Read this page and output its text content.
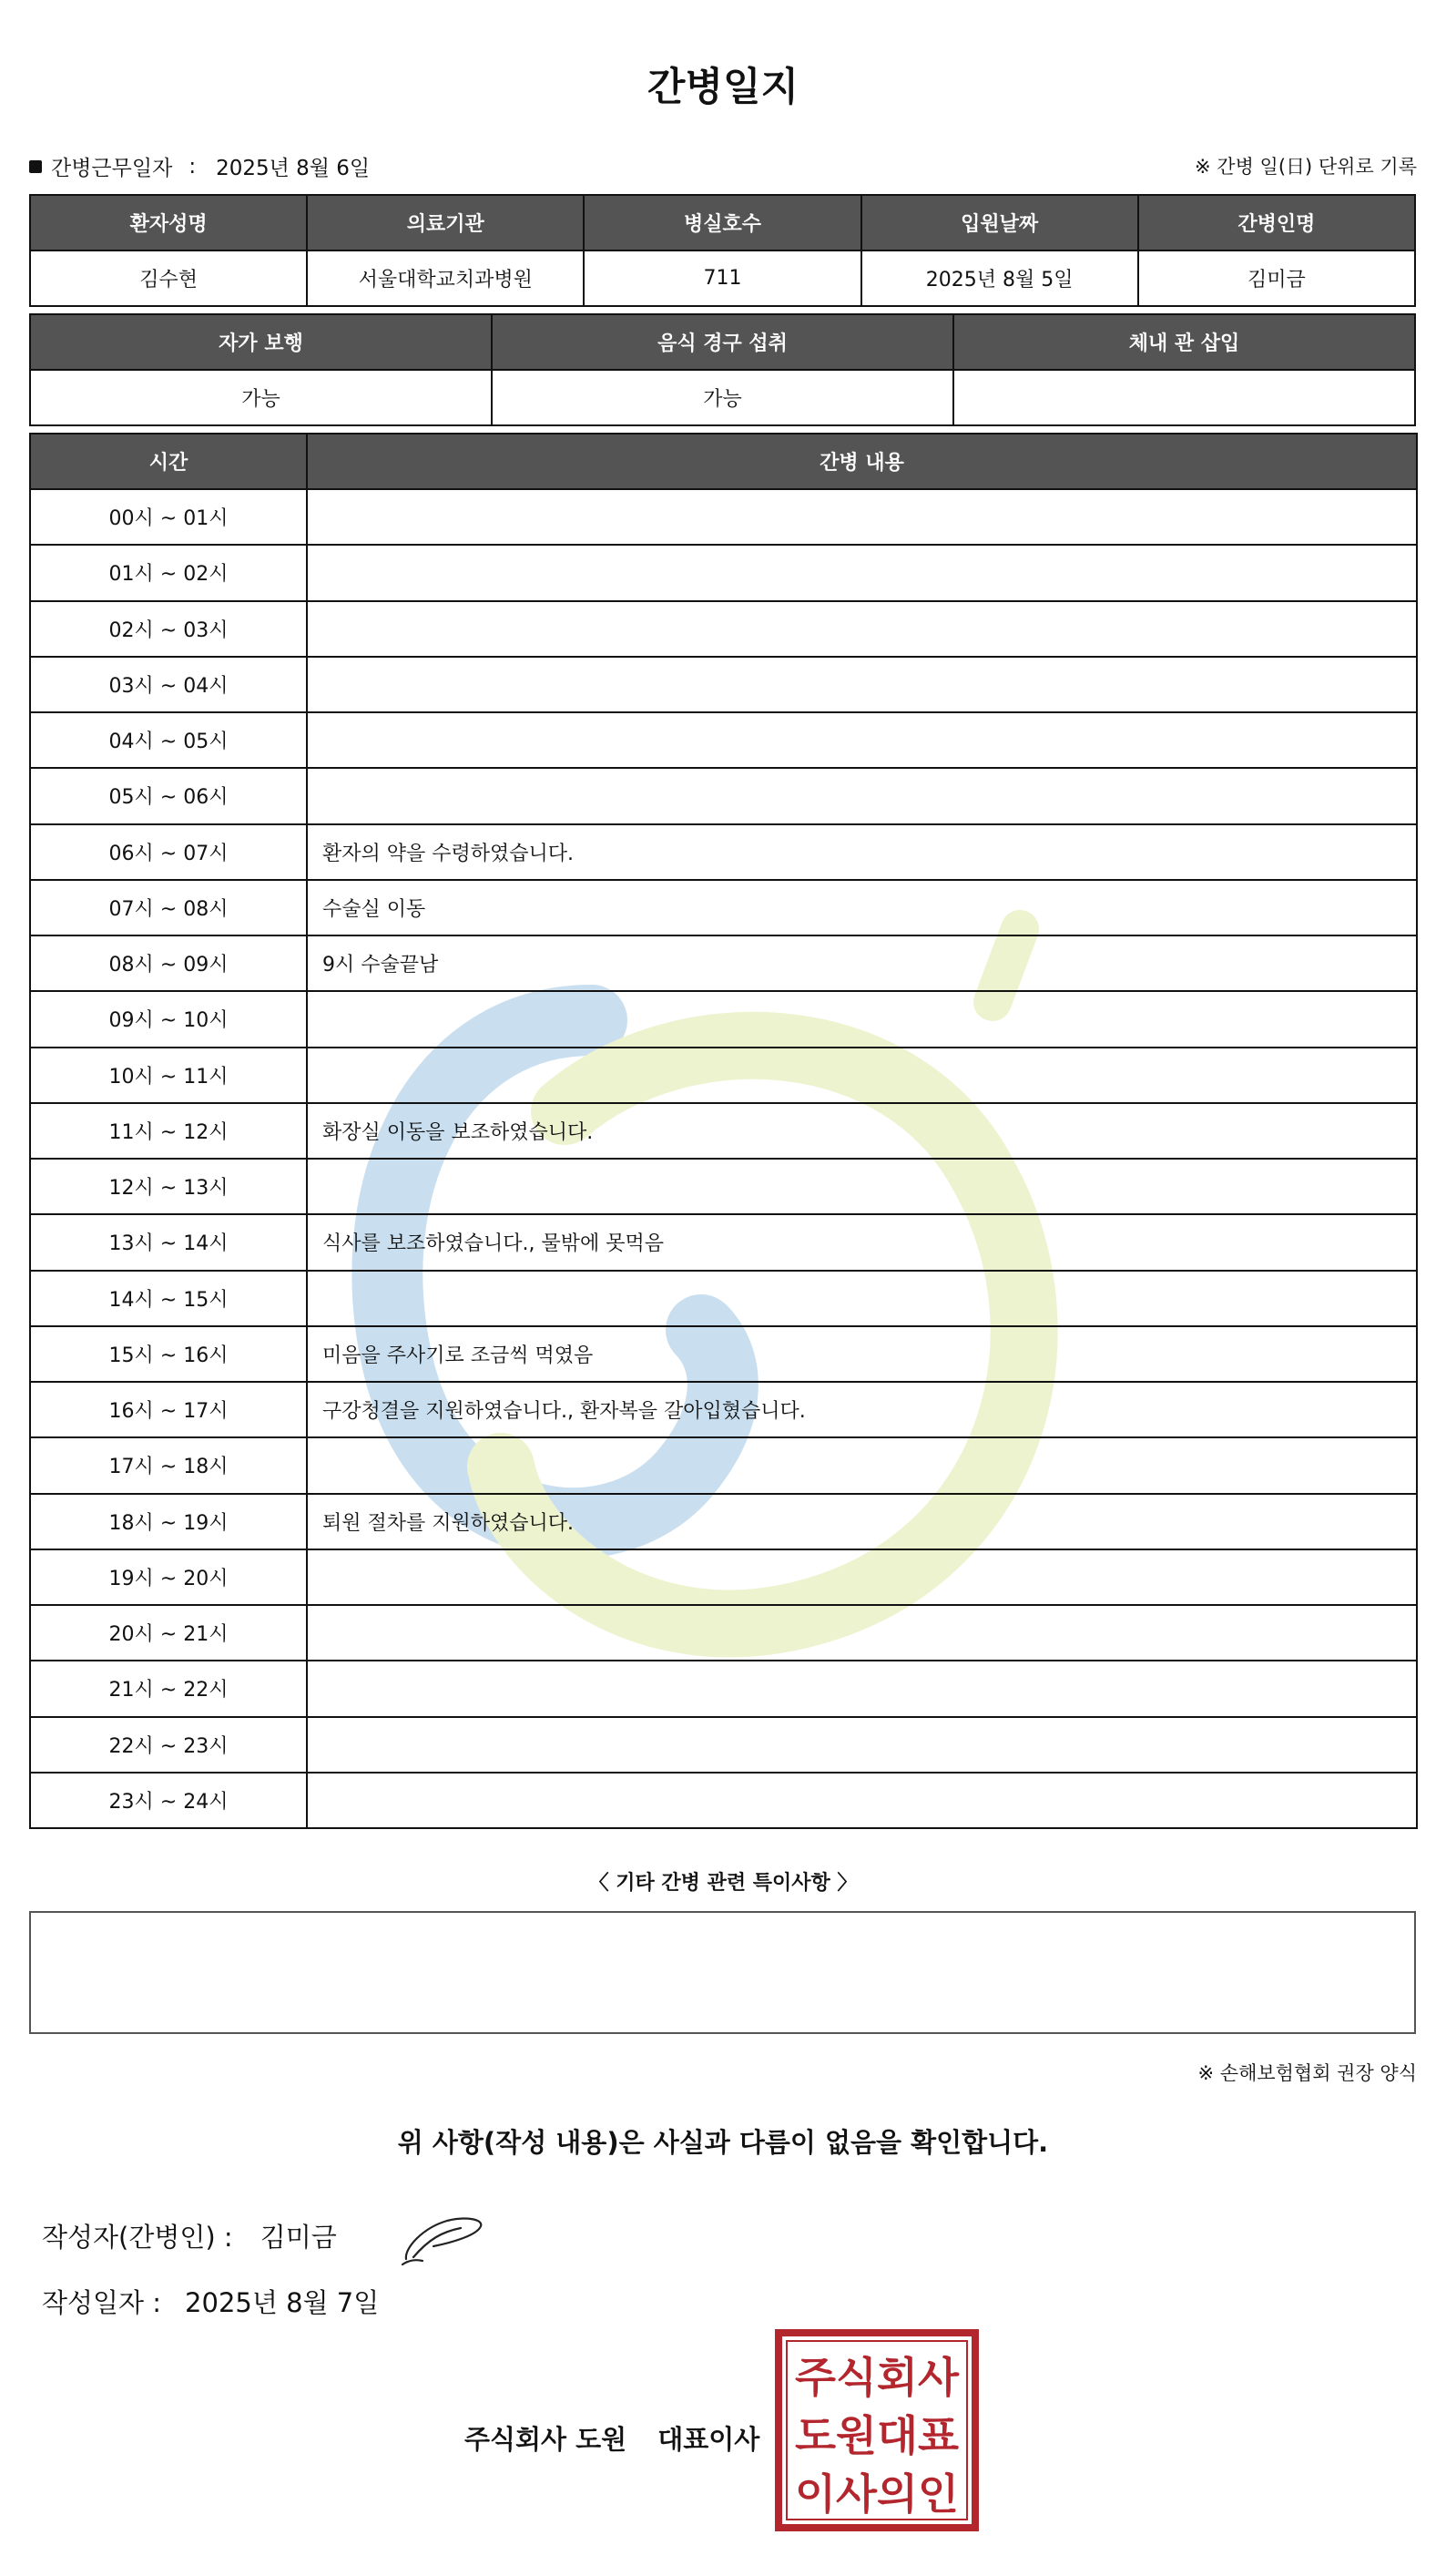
간병일지
간병근무일자 : 2025년 8월 6일	※ 간병 일(日) 단위로 기록
환자성명	의료기관	병실호수	입원날짜	간병인명
김수현	서울대학교치과병원	711	2025년 8월 5일	김미금
자가 보행	음식 경구 섭취	체내 관 삽입
가능	가능	
시간	간병 내용
00시 ~ 01시	
01시 ~ 02시	
02시 ~ 03시	
03시 ~ 04시	
04시 ~ 05시	
05시 ~ 06시	
06시 ~ 07시	환자의 약을 수령하였습니다.
07시 ~ 08시	수술실 이동
08시 ~ 09시	9시 수술끝남
09시 ~ 10시	
10시 ~ 11시	
11시 ~ 12시	화장실 이동을 보조하였습니다.
12시 ~ 13시	
13시 ~ 14시	식사를 보조하였습니다., 물밖에 못먹음
14시 ~ 15시	
15시 ~ 16시	미음을 주사기로 조금씩 먹였음
16시 ~ 17시	구강청결을 지원하였습니다., 환자복을 갈아입혔습니다.
17시 ~ 18시	
18시 ~ 19시	퇴원 절차를 지원하였습니다.
19시 ~ 20시	
20시 ~ 21시	
21시 ~ 22시	
22시 ~ 23시	
23시 ~ 24시	
〈 기타 간병 관련 특이사항 〉
※ 손해보험협회 권장 양식
위 사항(작성 내용)은 사실과 다름이 없음을 확인합니다.
작성자(간병인) : 김미금
작성일자 : 2025년 8월 7일
주식회사 도원 대표이사
주식회사
도원대표
이사의인
